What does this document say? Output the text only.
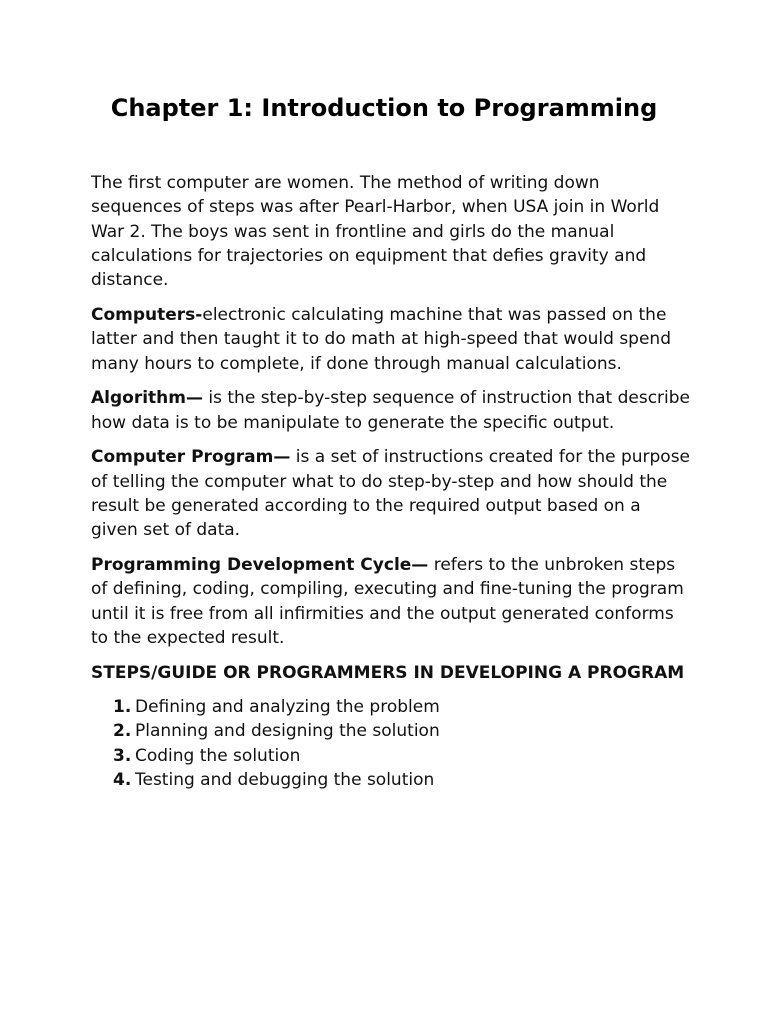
Chapter 1: Introduction to Programming

The first computer are women. The method of writing down sequences of steps was after Pearl-Harbor, when USA join in World War 2. The boys was sent in frontline and girls do the manual calculations for trajectories on equipment that defies gravity and distance.

Computers-electronic calculating machine that was passed on the latter and then taught it to do math at high-speed that would spend many hours to complete, if done through manual calculations.

Algorithm— is the step-by-step sequence of instruction that describe how data is to be manipulate to generate the specific output.

Computer Program— is a set of instructions created for the purpose of telling the computer what to do step-by-step and how should the result be generated according to the required output based on a given set of data.

Programming Development Cycle— refers to the unbroken steps of defining, coding, compiling, executing and fine-tuning the program until it is free from all infirmities and the output generated conforms to the expected result.

STEPS/GUIDE OR PROGRAMMERS IN DEVELOPING A PROGRAM

1. Defining and analyzing the problem
2. Planning and designing the solution
3. Coding the solution
4. Testing and debugging the solution
